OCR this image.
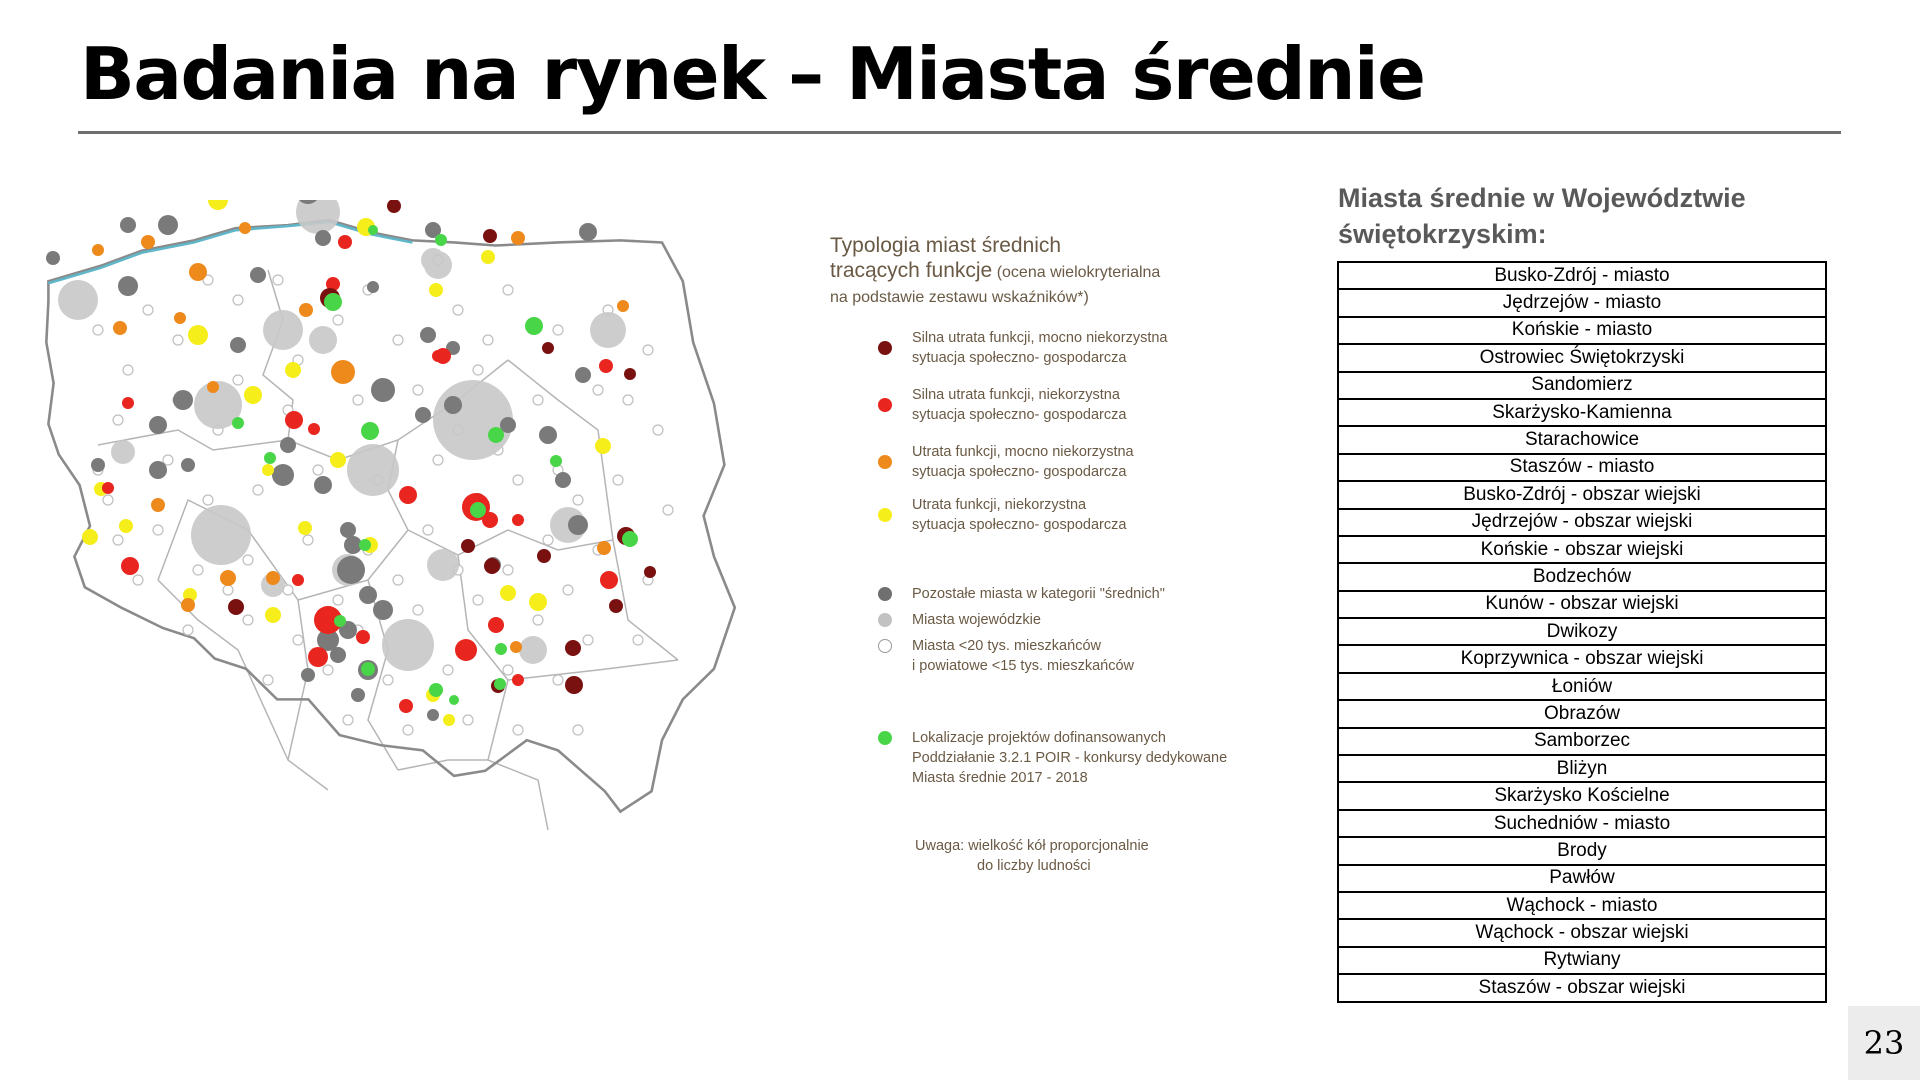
Badania na rynek – Miasta średnie
Typologia miast średnich
tracących funkcje (ocena wielokryterialna
na podstawie zestawu wskaźników*)
Silna utrata funkcji, mocno niekorzystna
sytuacja społeczno- gospodarcza
Silna utrata funkcji, niekorzystna
sytuacja społeczno- gospodarcza
Utrata funkcji, mocno niekorzystna
sytuacja społeczno- gospodarcza
Utrata funkcji, niekorzystna
sytuacja społeczno- gospodarcza
Pozostałe miasta w kategorii "średnich"
Miasta wojewódzkie
Miasta <20 tys. mieszkańców
i powiatowe <15 tys. mieszkańców
Lokalizacje projektów dofinansowanych
Poddziałanie 3.2.1 POIR - konkursy dedykowane
Miasta średnie 2017 - 2018
Uwaga: wielkość kół proporcjonalnie
do liczby ludności
Miasta średnie w Województwie świętokrzyskim:
Busko-Zdrój - miasto
Jędrzejów - miasto
Końskie - miasto
Ostrowiec Świętokrzyski
Sandomierz
Skarżysko-Kamienna
Starachowice
Staszów - miasto
Busko-Zdrój - obszar wiejski
Jędrzejów - obszar wiejski
Końskie - obszar wiejski
Bodzechów
Kunów - obszar wiejski
Dwikozy
Koprzywnica - obszar wiejski
Łoniów
Obrazów
Samborzec
Bliżyn
Skarżysko Kościelne
Suchedniów - miasto
Brody
Pawłów
Wąchock - miasto
Wąchock - obszar wiejski
Rytwiany
Staszów - obszar wiejski
23
